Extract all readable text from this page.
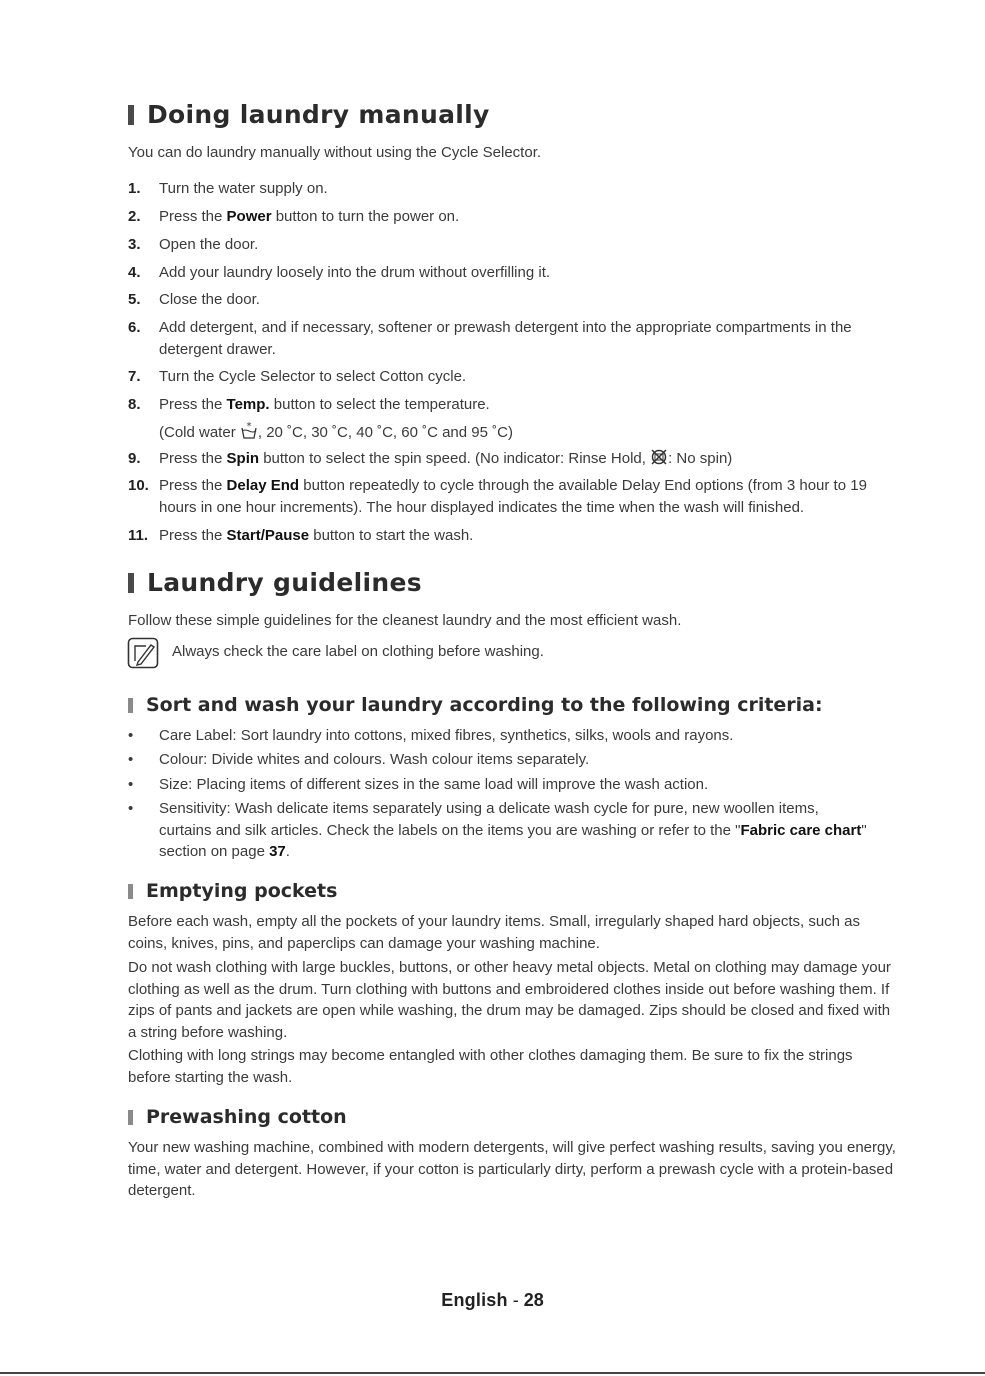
Doing laundry manually

You can do laundry manually without using the Cycle Selector.

1. Turn the water supply on.
2. Press the Power button to turn the power on.
3. Open the door.
4. Add your laundry loosely into the drum without overfilling it.
5. Close the door.
6. Add detergent, and if necessary, softener or prewash detergent into the appropriate compartments in the detergent drawer.
7. Turn the Cycle Selector to select Cotton cycle.
8. Press the Temp. button to select the temperature.
(Cold water * , 20 ˚C, 30 ˚C, 40 ˚C, 60 ˚C and 95 ˚C)
9. Press the Spin button to select the spin speed. (No indicator: Rinse Hold, : No spin)
10. Press the Delay End button repeatedly to cycle through the available Delay End options (from 3 hour to 19 hours in one hour increments). The hour displayed indicates the time when the wash will finished.
11. Press the Start/Pause button to start the wash.
Laundry guidelines

Follow these simple guidelines for the cleanest laundry and the most efficient wash.

Always check the care label on clothing before washing.
Sort and wash your laundry according to the following criteria:
• Care Label: Sort laundry into cottons, mixed fibres, synthetics, silks, wools and rayons.
• Colour: Divide whites and colours. Wash colour items separately.
• Size: Placing items of different sizes in the same load will improve the wash action.
• Sensitivity: Wash delicate items separately using a delicate wash cycle for pure, new woollen items, curtains and silk articles. Check the labels on the items you are washing or refer to the "Fabric care chart" section on page 37.
Emptying pockets

Before each wash, empty all the pockets of your laundry items. Small, irregularly shaped hard objects, such as coins, knives, pins, and paperclips can damage your washing machine.

Do not wash clothing with large buckles, buttons, or other heavy metal objects. Metal on clothing may damage your clothing as well as the drum. Turn clothing with buttons and embroidered clothes inside out before washing them. If zips of pants and jackets are open while washing, the drum may be damaged. Zips should be closed and fixed with a string before washing.

Clothing with long strings may become entangled with other clothes damaging them. Be sure to fix the strings before starting the wash.

Prewashing cotton

Your new washing machine, combined with modern detergents, will give perfect washing results, saving you energy, time, water and detergent. However, if your cotton is particularly dirty, perform a prewash cycle with a protein-based detergent.

English - 28
